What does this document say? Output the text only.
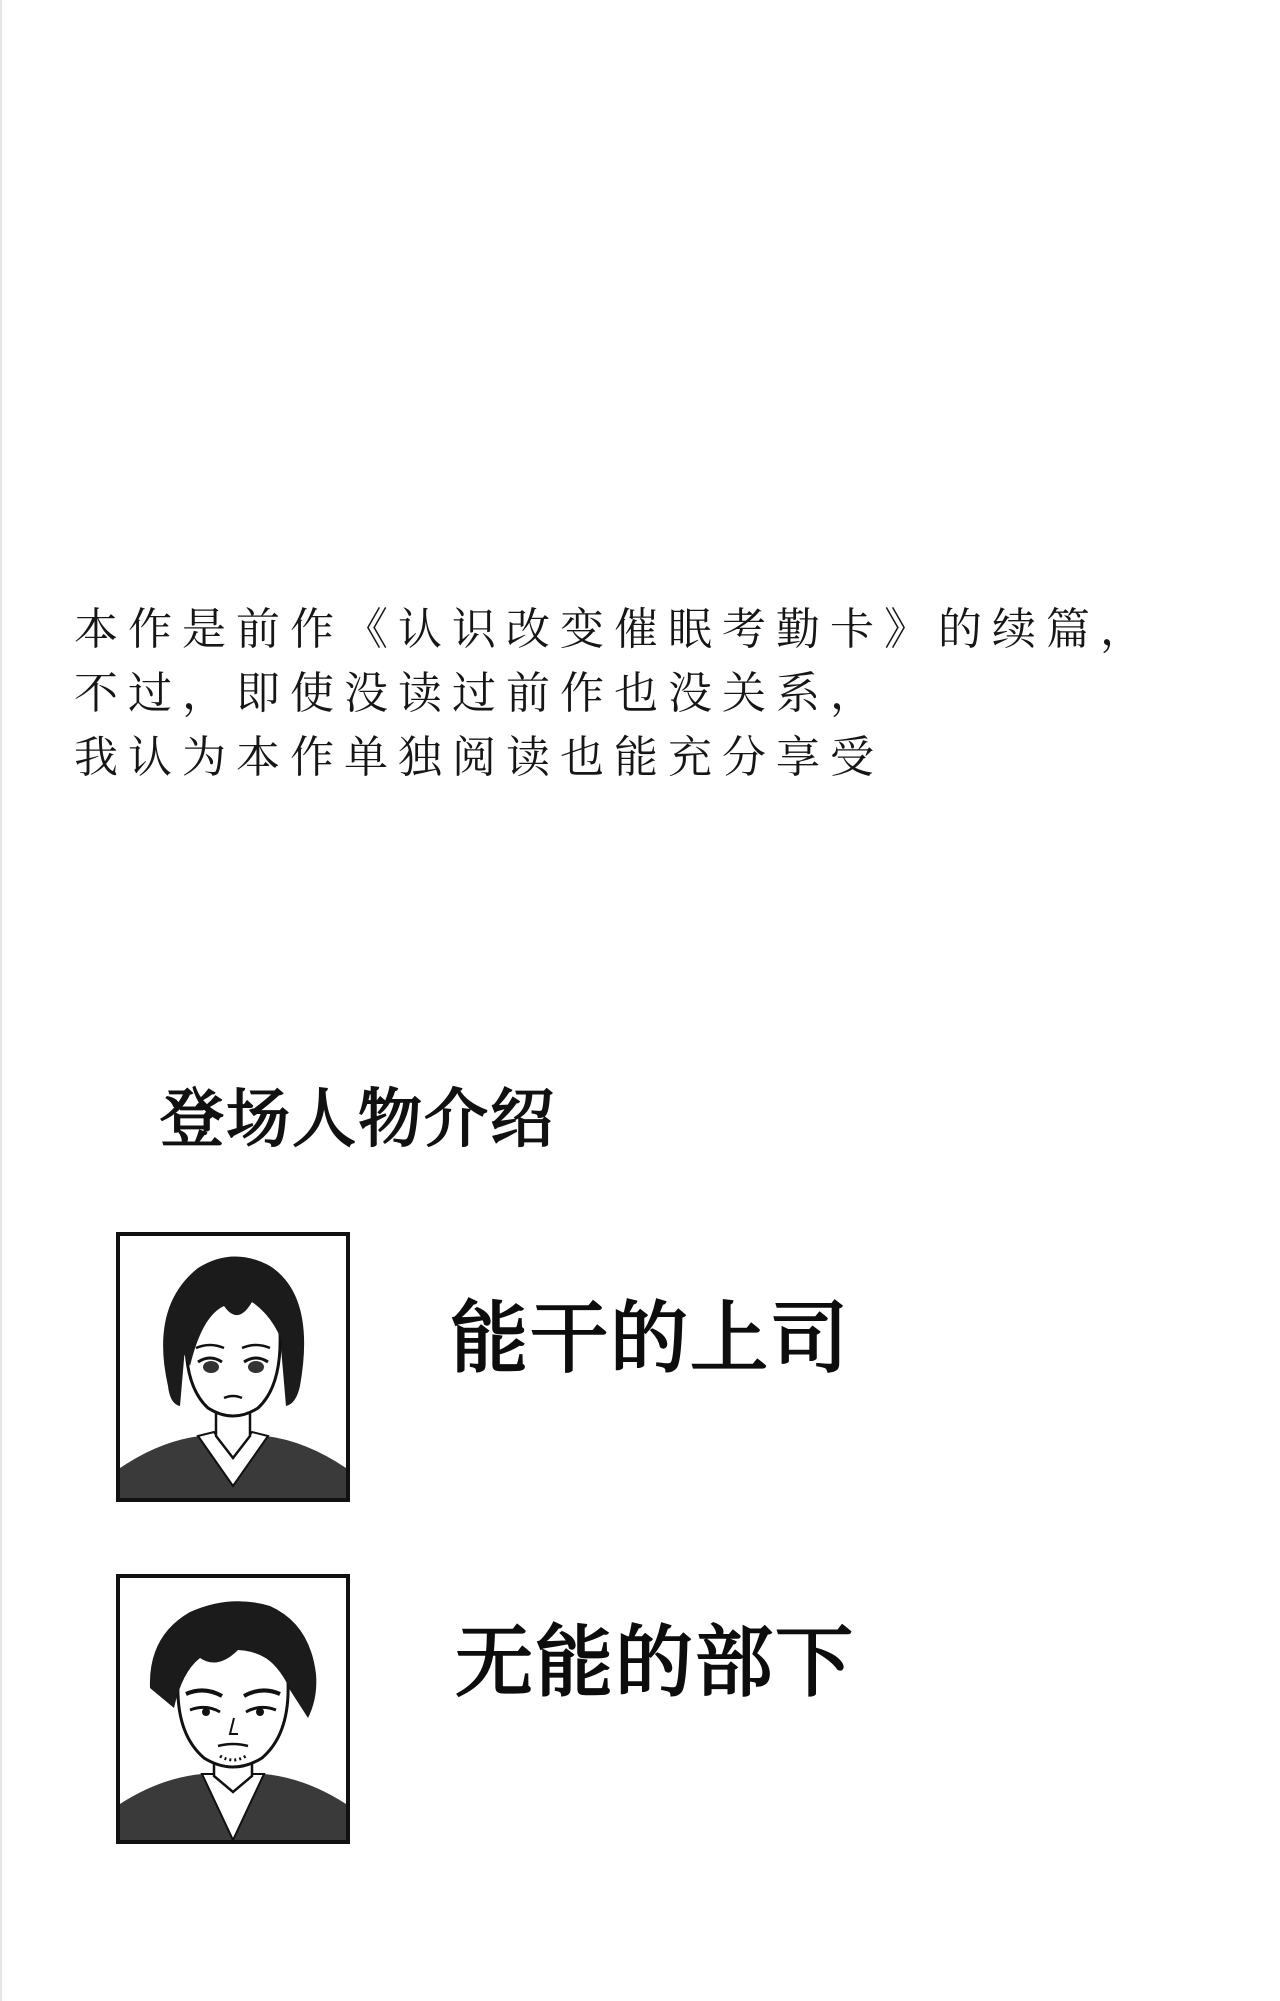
本作是前作《认识改变催眠考勤卡》的续篇，
不过，即使没读过前作也没关系，
我认为本作单独阅读也能充分享受
登场人物介绍
能干的上司
无能的部下
